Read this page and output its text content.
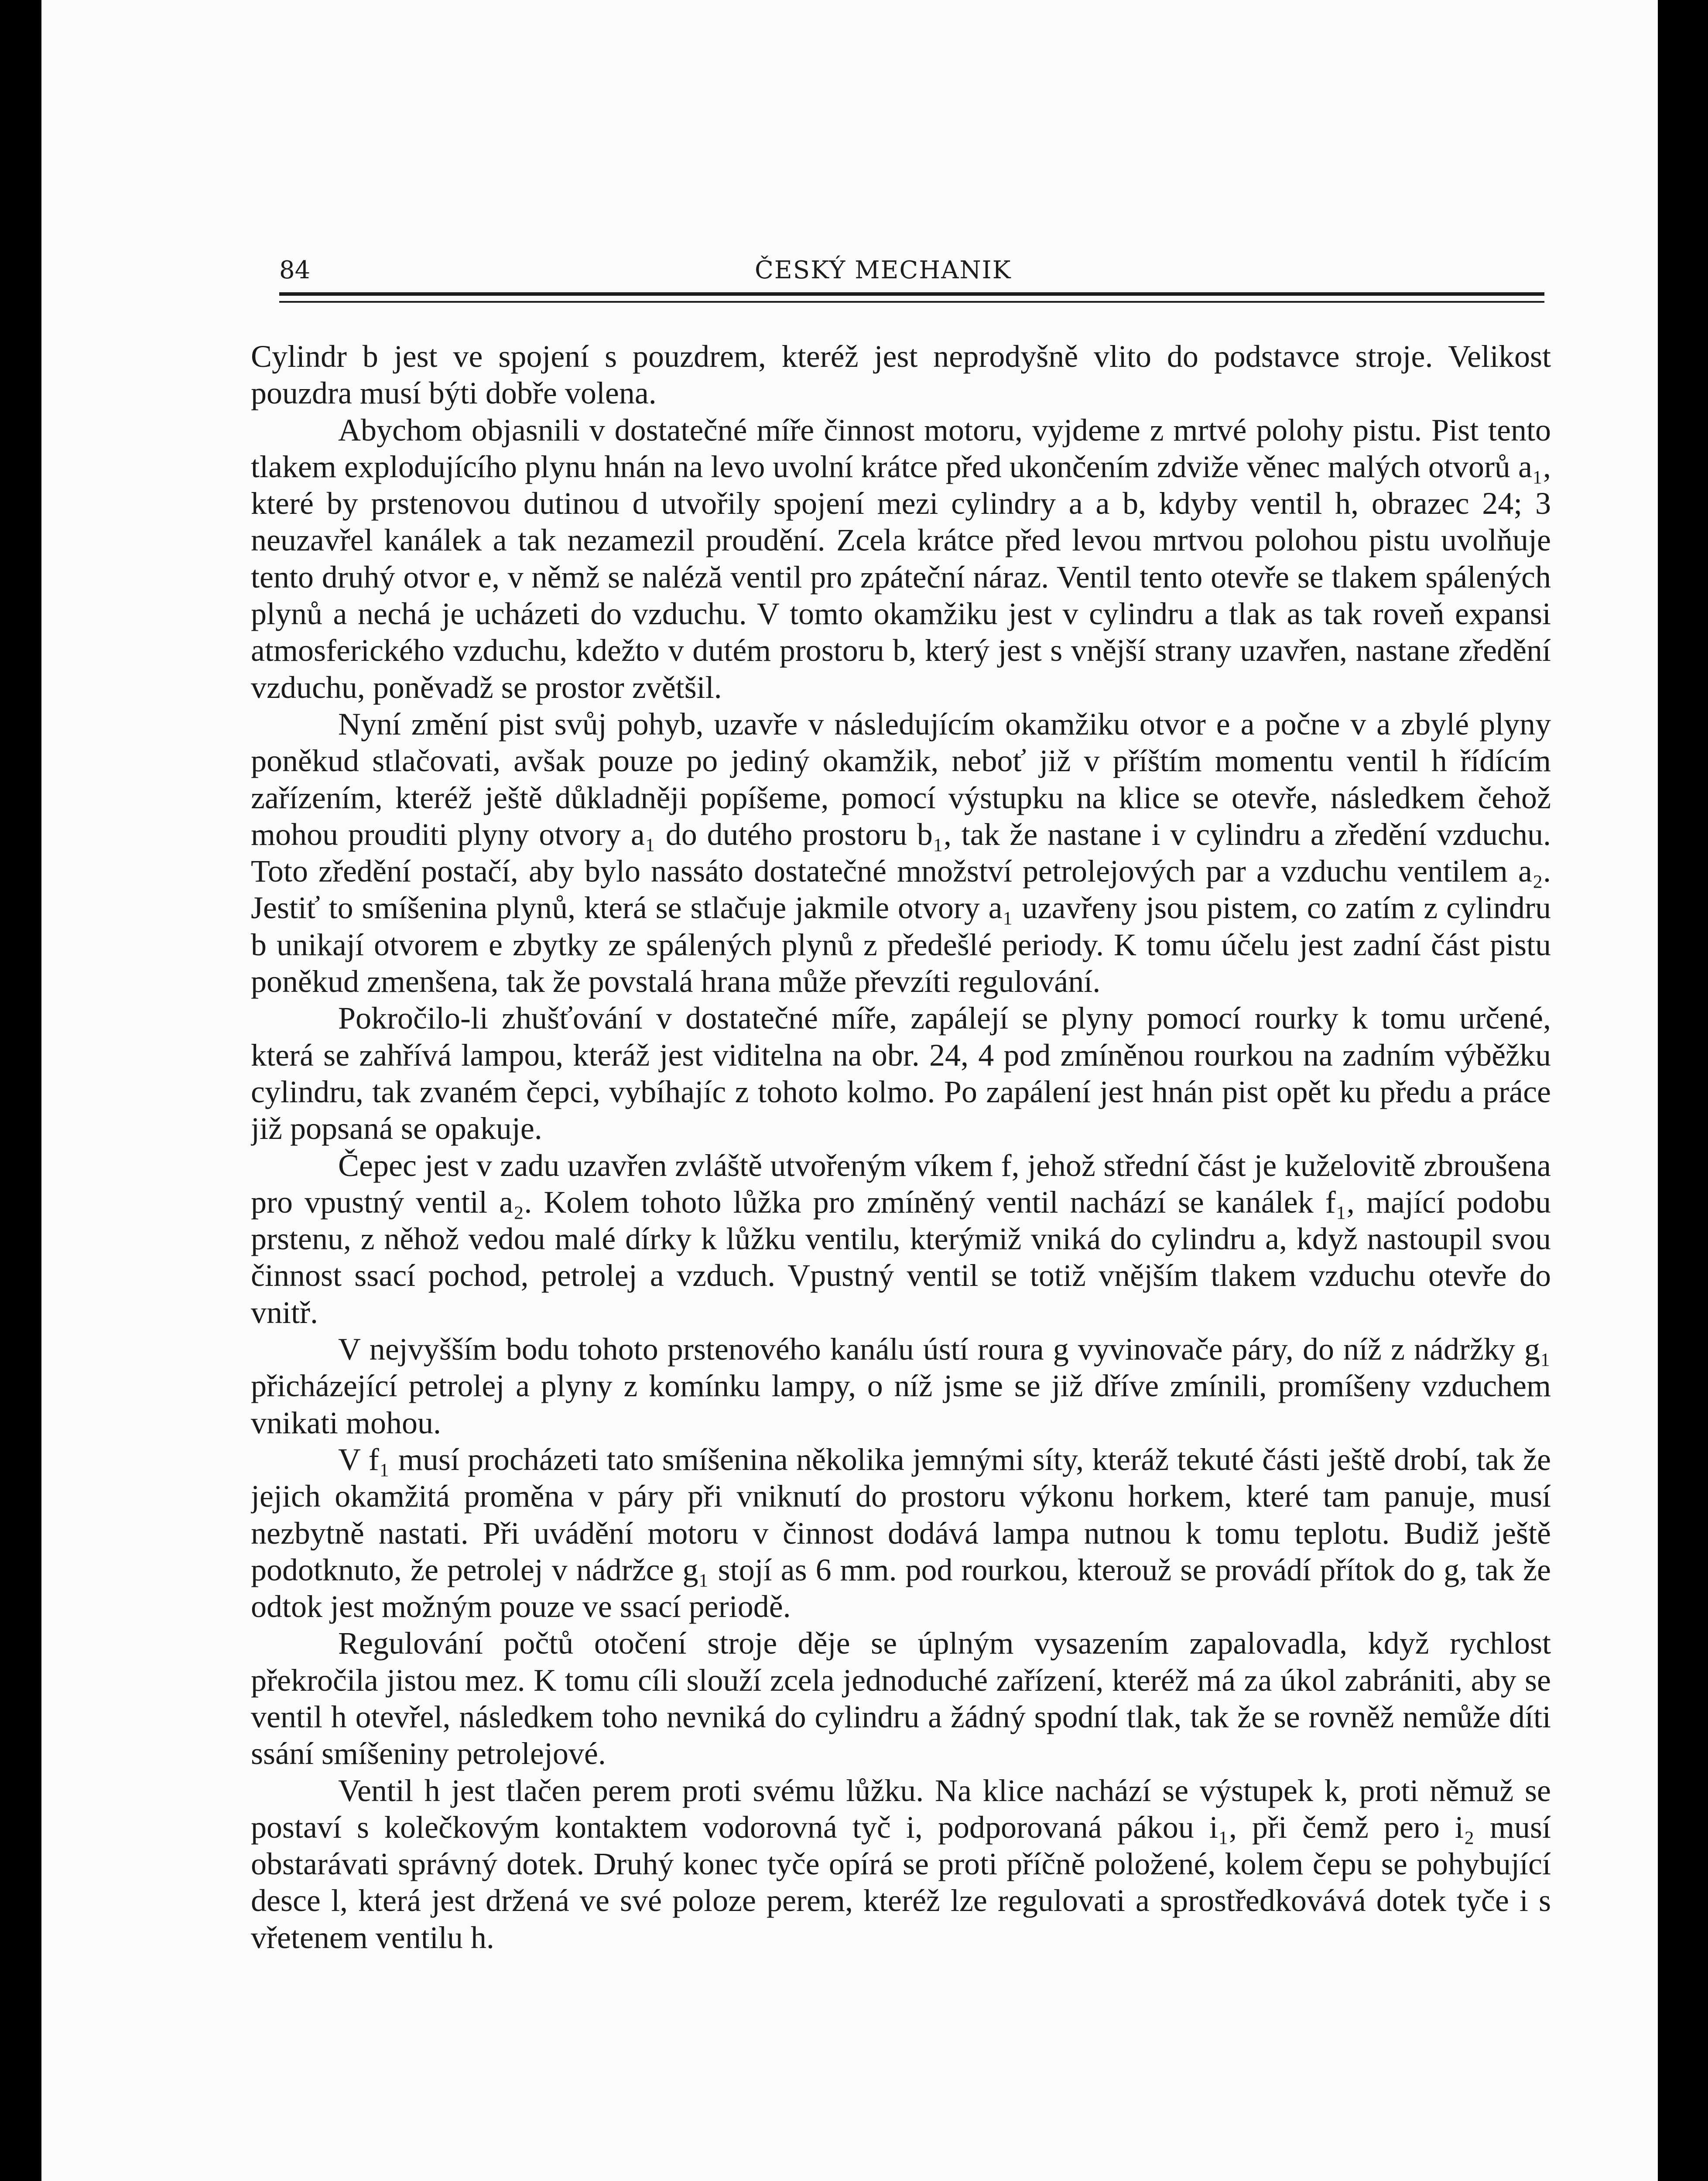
84	ČESKÝ MECHANIK

Cylindr b jest ve spojení s pouzdrem, kteréž jest neprodyšně vlito do podstavce stroje. Velikost pouzdra musí býti dobře volena.

Abychom objasnili v dostatečné míře činnost motoru, vyjdeme z mrtvé polohy pistu. Pist tento tlakem explodujícího plynu hnán na levo uvolní krátce před ukončením zdviže věnec malých otvorů a₁, které by prstenovou dutinou d utvořily spojení mezi cylindry a a b, kdyby ventil h, obrazec 24; 3 neuzavřel kanálek a tak nezamezil proudění. Zcela krátce před levou mrtvou polohou pistu uvolňuje tento druhý otvor e, v němž se naléză ventil pro zpáteční náraz. Ventil tento otevře se tlakem spálených plynů a nechá je ucházeti do vzduchu. V tomto okamžiku jest v cylindru a tlak as tak roveň expansi atmosferického vzduchu, kdežto v dutém prostoru b, který jest s vnější strany uzavřen, nastane zředění vzduchu, poněvadž se prostor zvětšil.

Nyní změní pist svůj pohyb, uzavře v následujícím okamžiku otvor e a počne v a zbylé plyny poněkud stlačovati, avšak pouze po jediný okamžik, neboť již v příštím momentu ventil h řídícím zařízením, kteréž ještě důkladněji popíšeme, pomocí výstupku na klice se otevře, následkem čehož mohou prouditi plyny otvory a₁ do dutého prostoru b₁, tak že nastane i v cylindru a zředění vzduchu. Toto zředění postačí, aby bylo nassáto dostatečné množství petrolejových par a vzduchu ventilem a₂. Jestiť to smíšenina plynů, která se stlačuje jakmile otvory a₁ uzavřeny jsou pistem, co zatím z cylindru b unikají otvorem e zbytky ze spálených plynů z předešlé periody. K tomu účelu jest zadní část pistu poněkud zmenšena, tak že povstalá hrana může převzíti regulování.

Pokročilo-li zhušťování v dostatečné míře, zapálejí se plyny pomocí rourky k tomu určené, která se zahřívá lampou, kteráž jest viditelna na obr. 24, 4 pod zmíněnou rourkou na zadním výběžku cylindru, tak zvaném čepci, vybíhajíc z tohoto kolmo. Po zapálení jest hnán pist opět ku předu a práce již popsaná se opakuje.

Čepec jest v zadu uzavřen zvláště utvořeným víkem f, jehož střední část je kuželovitě zbroušena pro vpustný ventil a₂. Kolem tohoto lůžka pro zmíněný ventil nachází se kanálek f₁, mající podobu prstenu, z něhož vedou malé dírky k lůžku ventilu, kterýmiž vniká do cylindru a, když nastoupil svou činnost ssací pochod, petrolej a vzduch. Vpustný ventil se totiž vnějším tlakem vzduchu otevře do vnitř.

V nejvyšším bodu tohoto prstenového kanálu ústí roura g vyvinovače páry, do níž z nádržky g₁ přicházející petrolej a plyny z komínku lampy, o níž jsme se již dříve zmínili, promíšeny vzduchem vnikati mohou.

V f₁ musí procházeti tato smíšenina několika jemnými síty, kteráž tekuté části ještě drobí, tak že jejich okamžitá proměna v páry při vniknutí do prostoru výkonu horkem, které tam panuje, musí nezbytně nastati. Při uvádění motoru v činnost dodává lampa nutnou k tomu teplotu. Budiž ještě podotknuto, že petrolej v nádržce g₁ stojí as 6 mm. pod rourkou, kterouž se provádí přítok do g, tak že odtok jest možným pouze ve ssací periodě.

Regulování počtů otočení stroje děje se úplným vysazením zapalovadla, když rychlost překročila jistou mez. K tomu cíli slouží zcela jednoduché zařízení, kteréž má za úkol zabrániti, aby se ventil h otevřel, následkem toho nevniká do cylindru a žádný spodní tlak, tak že se rovněž nemůže díti ssání smíšeniny petrolejové.

Ventil h jest tlačen perem proti svému lůžku. Na klice nachází se výstupek k, proti němuž se postaví s kolečkovým kontaktem vodorovná tyč i, podporovaná pákou i₁, při čemž pero i₂ musí obstarávati správný dotek. Druhý konec tyče opírá se proti příčně položené, kolem čepu se pohybující desce l, která jest držená ve své poloze perem, kteréž lze regulovati a sprostředkovává dotek tyče i s vřetenem ventilu h.
